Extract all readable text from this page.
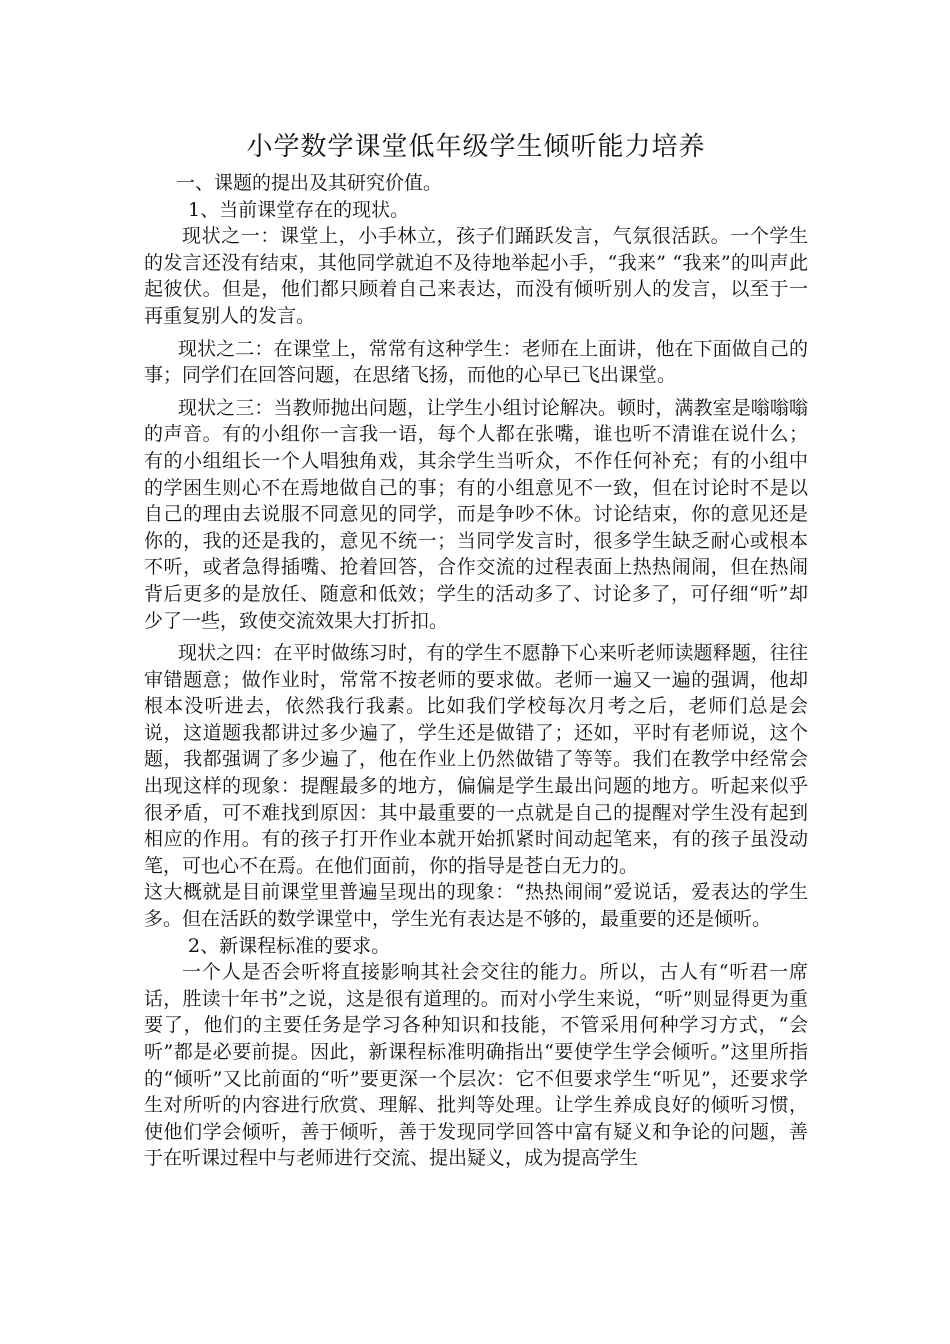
小学数学课堂低年级学生倾听能力培养

一、课题的提出及其研究价值。

1、当前课堂存在的现状。

现状之一：课堂上，小手林立，孩子们踊跃发言，气氛很活跃。一个学生的发言还没有结束，其他同学就迫不及待地举起小手，“我来” “我来”的叫声此起彼伏。但是，他们都只顾着自己来表达，而没有倾听别人的发言，以至于一再重复别人的发言。

现状之二：在课堂上，常常有这种学生：老师在上面讲，他在下面做自己的事；同学们在回答问题，在思绪飞扬，而他的心早已飞出课堂。

现状之三：当教师抛出问题，让学生小组讨论解决。顿时，满教室是嗡嗡嗡的声音。有的小组你一言我一语，每个人都在张嘴，谁也听不清谁在说什么；有的小组组长一个人唱独角戏，其余学生当听众，不作任何补充；有的小组中的学困生则心不在焉地做自己的事；有的小组意见不一致，但在讨论时不是以自己的理由去说服不同意见的同学，而是争吵不休。讨论结束，你的意见还是你的，我的还是我的，意见不统一；当同学发言时，很多学生缺乏耐心或根本不听，或者急得插嘴、抢着回答，合作交流的过程表面上热热闹闹，但在热闹背后更多的是放任、随意和低效；学生的活动多了、讨论多了，可仔细“听”却少了一些，致使交流效果大打折扣。

现状之四：在平时做练习时，有的学生不愿静下心来听老师读题释题，往往审错题意；做作业时，常常不按老师的要求做。老师一遍又一遍的强调，他却根本没听进去，依然我行我素。比如我们学校每次月考之后，老师们总是会说，这道题我都讲过多少遍了，学生还是做错了；还如，平时有老师说，这个题，我都强调了多少遍了，他在作业上仍然做错了等等。我们在教学中经常会出现这样的现象：提醒最多的地方，偏偏是学生最出问题的地方。听起来似乎很矛盾，可不难找到原因：其中最重要的一点就是自己的提醒对学生没有起到相应的作用。有的孩子打开作业本就开始抓紧时间动起笔来，有的孩子虽没动笔，可也心不在焉。在他们面前，你的指导是苍白无力的。

这大概就是目前课堂里普遍呈现出的现象：“热热闹闹”爱说话，爱表达的学生多。但在活跃的数学课堂中，学生光有表达是不够的，最重要的还是倾听。

2、新课程标准的要求。

一个人是否会听将直接影响其社会交往的能力。所以，古人有“听君一席话，胜读十年书”之说，这是很有道理的。而对小学生来说，“听”则显得更为重要了，他们的主要任务是学习各种知识和技能，不管采用何种学习方式，“会听”都是必要前提。因此，新课程标准明确指出“要使学生学会倾听。”这里所指的“倾听”又比前面的“听”要更深一个层次：它不但要求学生“听见”，还要求学生对所听的内容进行欣赏、理解、批判等处理。让学生养成良好的倾听习惯，使他们学会倾听，善于倾听，善于发现同学回答中富有疑义和争论的问题，善于在听课过程中与老师进行交流、提出疑义，成为提高学生
